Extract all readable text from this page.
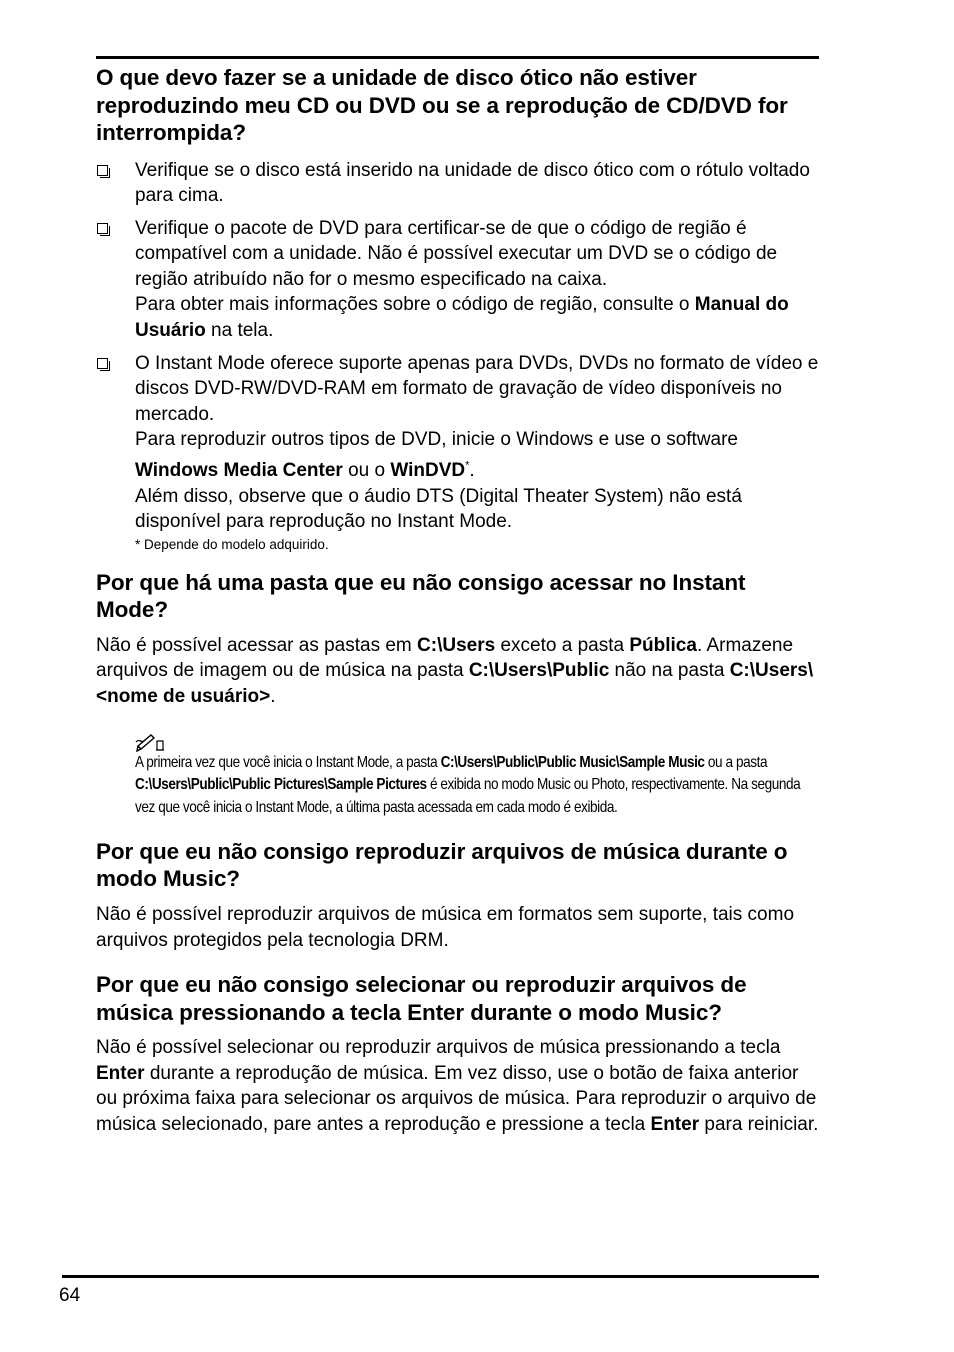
O que devo fazer se a unidade de disco ótico não estiver reproduzindo meu CD ou DVD ou se a reprodução de CD/DVD for interrompida?

Verifique se o disco está inserido na unidade de disco ótico com o rótulo voltado para cima.

Verifique o pacote de DVD para certificar-se de que o código de região é compatível com a unidade. Não é possível executar um DVD se o código de região atribuído não for o mesmo especificado na caixa.

Para obter mais informações sobre o código de região, consulte o Manual do Usuário na tela.

O Instant Mode oferece suporte apenas para DVDs, DVDs no formato de vídeo e discos DVD-RW/DVD-RAM em formato de gravação de vídeo disponíveis no mercado.

Para reproduzir outros tipos de DVD, inicie o Windows e use o software

Windows Media Center ou o WinDVD*.

Além disso, observe que o áudio DTS (Digital Theater System) não está disponível para reprodução no Instant Mode.

* Depende do modelo adquirido.

Por que há uma pasta que eu não consigo acessar no Instant Mode?

Não é possível acessar as pastas em C:\Users exceto a pasta Pública. Armazene arquivos de imagem ou de música na pasta C:\Users\Public não na pasta C:\Users\<nome de usuário>.

A primeira vez que você inicia o Instant Mode, a pasta C:\Users\Public\Public Music\Sample Music ou a pasta C:\Users\Public\Public Pictures\Sample Pictures é exibida no modo Music ou Photo, respectivamente. Na segunda vez que você inicia o Instant Mode, a última pasta acessada em cada modo é exibida.
Por que eu não consigo reproduzir arquivos de música durante o modo Music?

Não é possível reproduzir arquivos de música em formatos sem suporte, tais como arquivos protegidos pela tecnologia DRM.

Por que eu não consigo selecionar ou reproduzir arquivos de música pressionando a tecla Enter durante o modo Music?

Não é possível selecionar ou reproduzir arquivos de música pressionando a tecla Enter durante a reprodução de música. Em vez disso, use o botão de faixa anterior ou próxima faixa para selecionar os arquivos de música. Para reproduzir o arquivo de música selecionado, pare antes a reprodução e pressione a tecla Enter para reiniciar.

64
